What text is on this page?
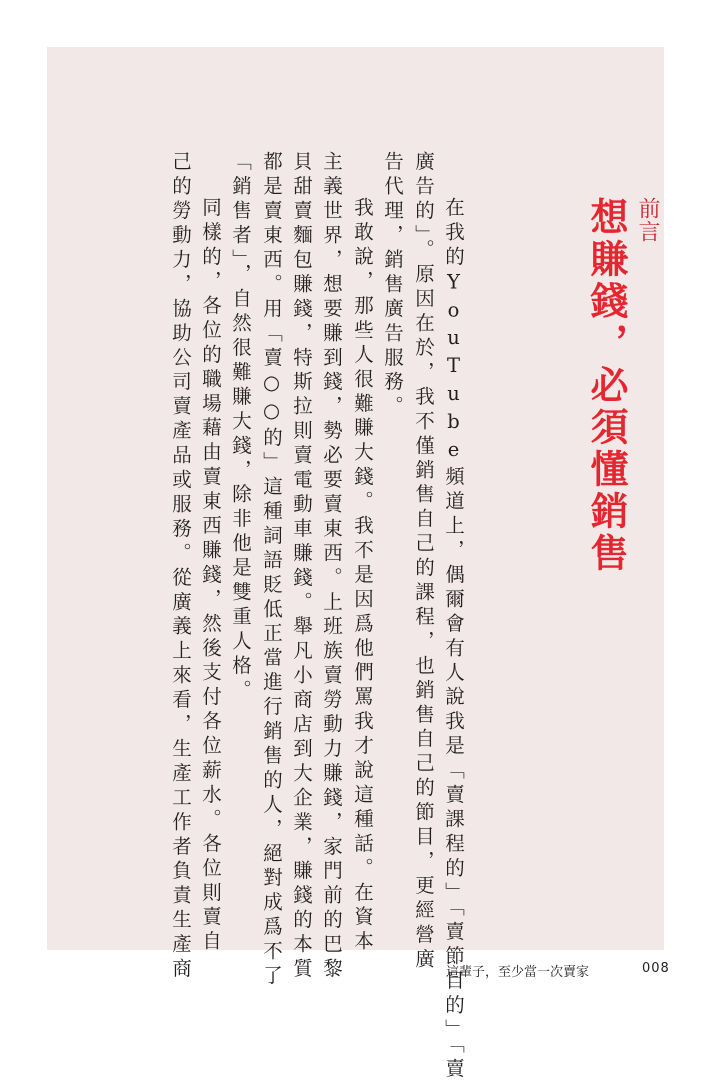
前言
想賺錢，必須懂銷售
在我的YouTube頻道上，偶爾會有人說我是「賣課程的」「賣節目的」「賣
廣告的」。原因在於，我不僅銷售自己的課程，也銷售自己的節目，更經營廣
告代理，銷售廣告服務。
我敢說，那些人很難賺大錢。我不是因爲他們罵我才說這種話。在資本
主義世界，想要賺到錢，勢必要賣東西。上班族賣勞動力賺錢，家門前的巴黎
貝甜賣麵包賺錢，特斯拉則賣電動車賺錢。舉凡小商店到大企業，賺錢的本質
都是賣東西。用「賣○○的」這種詞語貶低正當進行銷售的人，絕對成爲不了
「銷售者」，自然很難賺大錢，除非他是雙重人格。
同樣的，各位的職場藉由賣東西賺錢，然後支付各位薪水。各位則賣自
己的勞動力，協助公司賣產品或服務。從廣義上來看，生產工作者負責生產商	這輩子，至少當一次賣家	008
